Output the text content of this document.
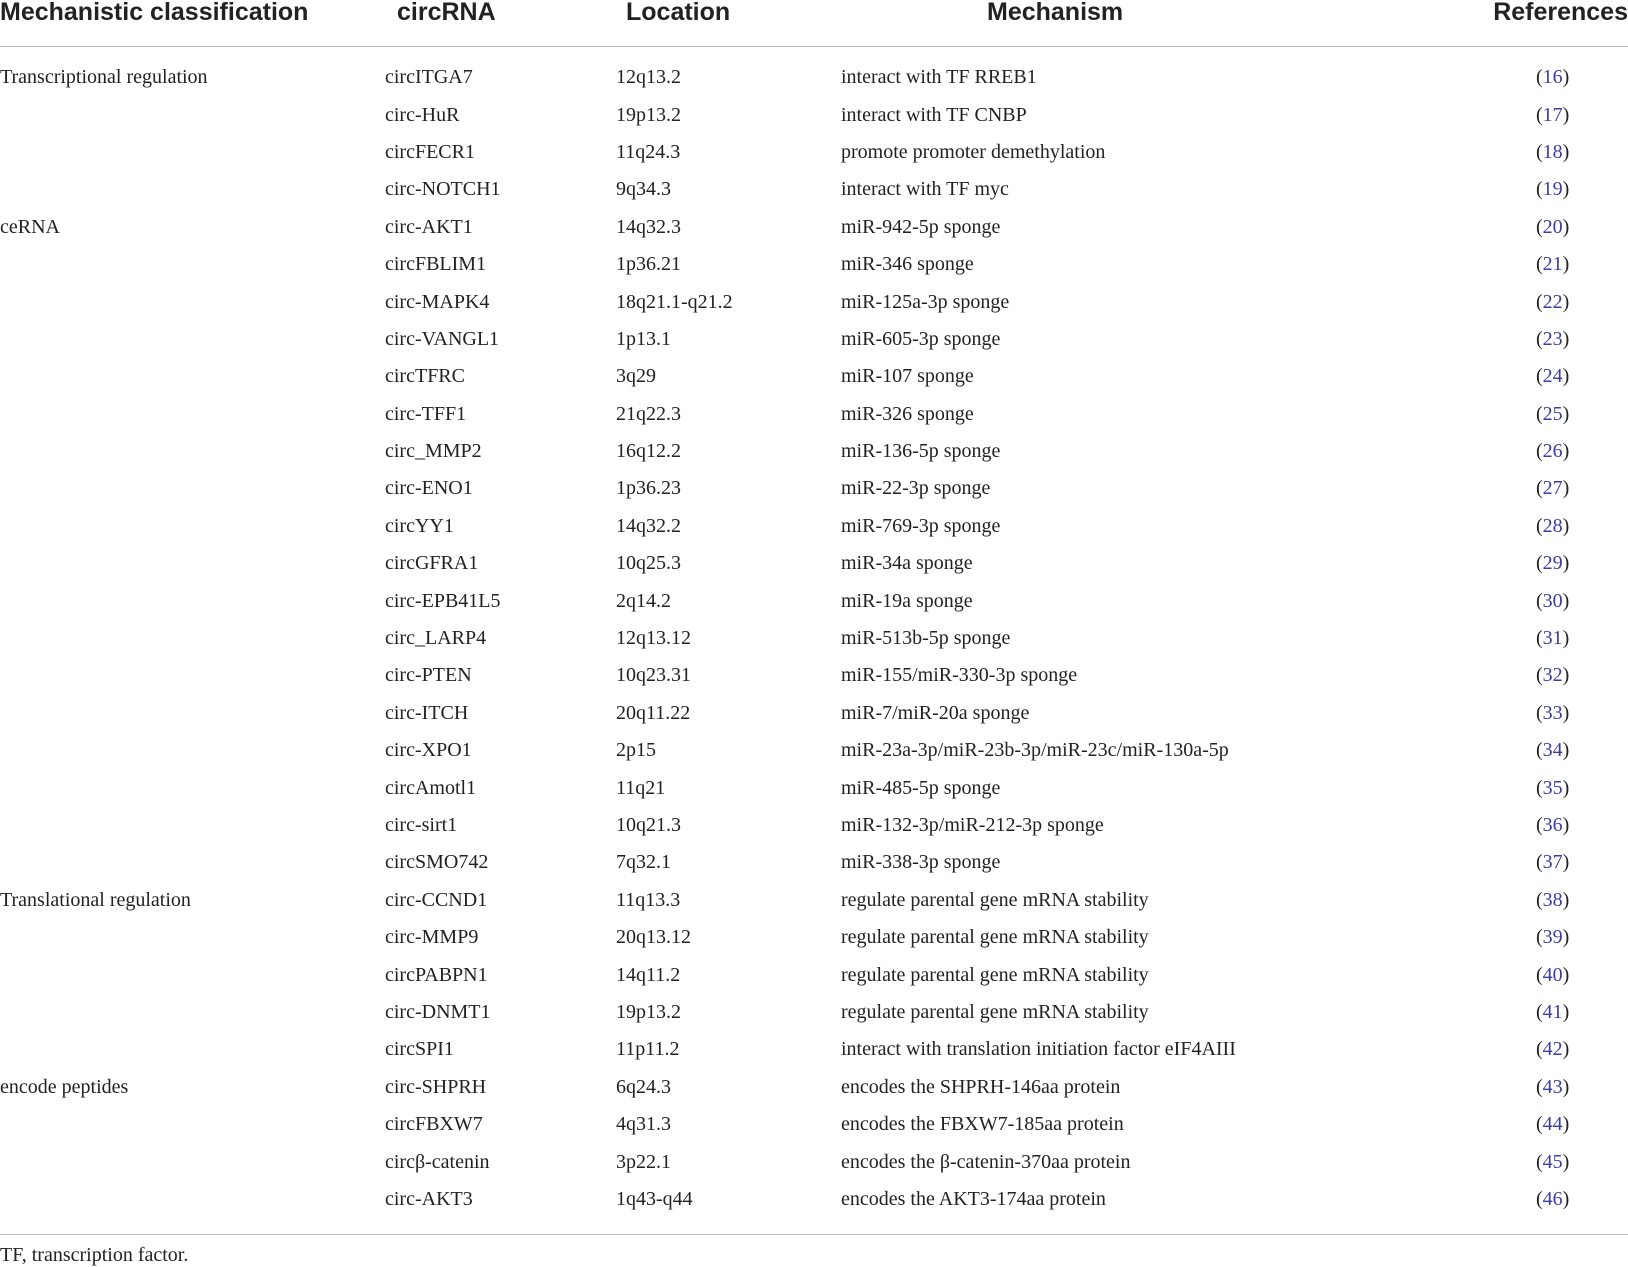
Mechanistic classification	circRNA	Location	Mechanism	References
Transcriptional regulation	circITGA7	12q13.2	interact with TF RREB1	(16)
	circ-HuR	19p13.2	interact with TF CNBP	(17)
	circFECR1	11q24.3	promote promoter demethylation	(18)
	circ-NOTCH1	9q34.3	interact with TF myc	(19)
ceRNA	circ-AKT1	14q32.3	miR-942-5p sponge	(20)
	circFBLIM1	1p36.21	miR-346 sponge	(21)
	circ-MAPK4	18q21.1-q21.2	miR-125a-3p sponge	(22)
	circ-VANGL1	1p13.1	miR-605-3p sponge	(23)
	circTFRC	3q29	miR-107 sponge	(24)
	circ-TFF1	21q22.3	miR-326 sponge	(25)
	circ_MMP2	16q12.2	miR-136-5p sponge	(26)
	circ-ENO1	1p36.23	miR-22-3p sponge	(27)
	circYY1	14q32.2	miR-769-3p sponge	(28)
	circGFRA1	10q25.3	miR-34a sponge	(29)
	circ-EPB41L5	2q14.2	miR-19a sponge	(30)
	circ_LARP4	12q13.12	miR-513b-5p sponge	(31)
	circ-PTEN	10q23.31	miR-155/miR-330-3p sponge	(32)
	circ-ITCH	20q11.22	miR-7/miR-20a sponge	(33)
	circ-XPO1	2p15	miR-23a-3p/miR-23b-3p/miR-23c/miR-130a-5p	(34)
	circAmotl1	11q21	miR-485-5p sponge	(35)
	circ-sirt1	10q21.3	miR-132-3p/miR-212-3p sponge	(36)
	circSMO742	7q32.1	miR-338-3p sponge	(37)
Translational regulation	circ-CCND1	11q13.3	regulate parental gene mRNA stability	(38)
	circ-MMP9	20q13.12	regulate parental gene mRNA stability	(39)
	circPABPN1	14q11.2	regulate parental gene mRNA stability	(40)
	circ-DNMT1	19p13.2	regulate parental gene mRNA stability	(41)
	circSPI1	11p11.2	interact with translation initiation factor eIF4AIII	(42)
encode peptides	circ-SHPRH	6q24.3	encodes the SHPRH-146aa protein	(43)
	circFBXW7	4q31.3	encodes the FBXW7-185aa protein	(44)
	circβ-catenin	3p22.1	encodes the β-catenin-370aa protein	(45)
	circ-AKT3	1q43-q44	encodes the AKT3-174aa protein	(46)
TF, transcription factor.
